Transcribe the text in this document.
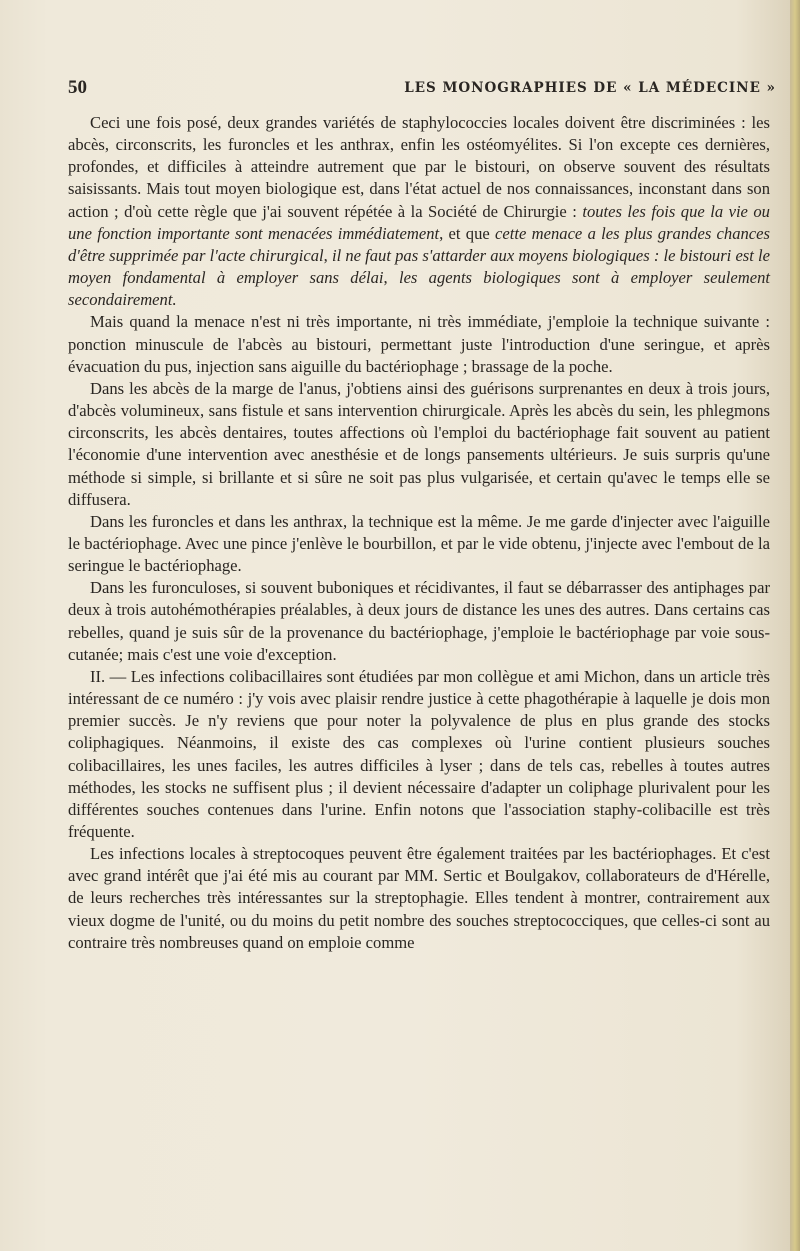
50	LES MONOGRAPHIES DE « LA MÉDECINE »

Ceci une fois posé, deux grandes variétés de staphylococcies locales doivent être discriminées : les abcès, circonscrits, les furoncles et les anthrax, enfin les ostéomyélites. Si l'on excepte ces dernières, profondes, et difficiles à atteindre autrement que par le bistouri, on observe souvent des résultats saisissants. Mais tout moyen biologique est, dans l'état actuel de nos connaissances, inconstant dans son action ; d'où cette règle que j'ai souvent répétée à la Société de Chirurgie : toutes les fois que la vie ou une fonction importante sont menacées immédiatement, et que cette menace a les plus grandes chances d'être supprimée par l'acte chirurgical, il ne faut pas s'attarder aux moyens biologiques : le bistouri est le moyen fondamental à employer sans délai, les agents biologiques sont à employer seulement secondairement.

Mais quand la menace n'est ni très importante, ni très immédiate, j'emploie la technique suivante : ponction minuscule de l'abcès au bistouri, permettant juste l'introduction d'une seringue, et après évacuation du pus, injection sans aiguille du bactériophage ; brassage de la poche.

Dans les abcès de la marge de l'anus, j'obtiens ainsi des guérisons surprenantes en deux à trois jours, d'abcès volumineux, sans fistule et sans intervention chirurgicale. Après les abcès du sein, les phlegmons circonscrits, les abcès dentaires, toutes affections où l'emploi du bactériophage fait souvent au patient l'économie d'une intervention avec anesthésie et de longs pansements ultérieurs. Je suis surpris qu'une méthode si simple, si brillante et si sûre ne soit pas plus vulgarisée, et certain qu'avec le temps elle se diffusera.

Dans les furoncles et dans les anthrax, la technique est la même. Je me garde d'injecter avec l'aiguille le bactériophage. Avec une pince j'enlève le bourbillon, et par le vide obtenu, j'injecte avec l'embout de la seringue le bactériophage.

Dans les furonculoses, si souvent buboniques et récidivantes, il faut se débarrasser des antiphages par deux à trois autohémothérapies préalables, à deux jours de distance les unes des autres. Dans certains cas rebelles, quand je suis sûr de la provenance du bactériophage, j'emploie le bactériophage par voie sous-cutanée; mais c'est une voie d'exception.

II. — Les infections colibacillaires sont étudiées par mon collègue et ami Michon, dans un article très intéressant de ce numéro : j'y vois avec plaisir rendre justice à cette phagothérapie à laquelle je dois mon premier succès. Je n'y reviens que pour noter la polyvalence de plus en plus grande des stocks coliphagiques. Néanmoins, il existe des cas complexes où l'urine contient plusieurs souches colibacillaires, les unes faciles, les autres difficiles à lyser ; dans de tels cas, rebelles à toutes autres méthodes, les stocks ne suffisent plus ; il devient nécessaire d'adapter un coliphage plurivalent pour les différentes souches contenues dans l'urine. Enfin notons que l'association staphy-colibacille est très fréquente.

Les infections locales à streptocoques peuvent être également traitées par les bactériophages. Et c'est avec grand intérêt que j'ai été mis au courant par MM. Sertic et Boulgakov, collaborateurs de d'Hérelle, de leurs recherches très intéressantes sur la streptophagie. Elles tendent à montrer, contrairement aux vieux dogme de l'unité, ou du moins du petit nombre des souches streptococciques, que celles-ci sont au contraire très nombreuses quand on emploie comme
